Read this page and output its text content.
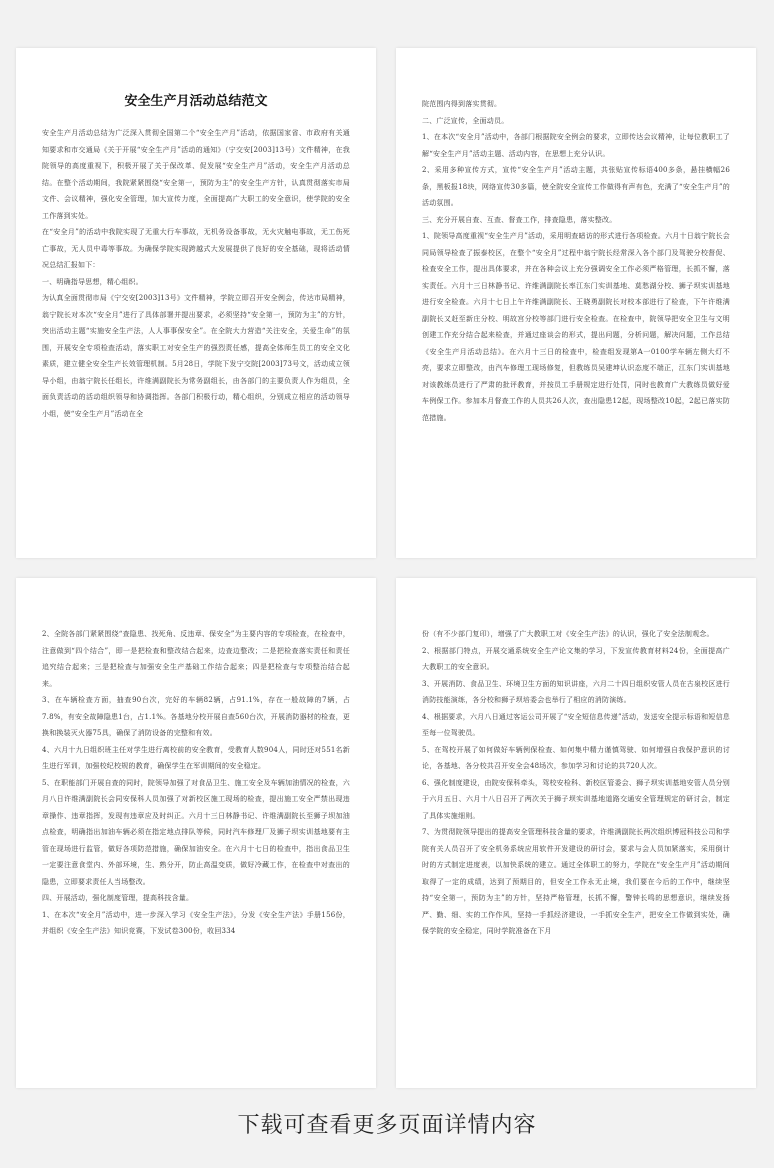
安全生产月活动总结范文

安全生产月活动总结为广泛深入贯彻全国第二个“安全生产月”活动，依据国家省、市政府有关通知要求和市交通局《关于开展“安全生产月”活动的通知》（宁交安[2003]13号）文件精神，在我院领导的高度重视下，积极开展了关于保改革、促发展“安全生产月”活动，安全生产月活动总结。在整个活动期间，我院紧紧围绕“安全第一，预防为主”的安全生产方针，认真贯彻落实市局文件、会议精神，强化安全管理，加大宣传力度，全面提高广大职工的安全意识，使学院的安全工作落到实处。

在“安全月”的活动中我院实现了无重大行车事故，无机务设备事故，无火灾触电事故，无工伤死亡事故，无人员中毒等事故。为确保学院实现跨越式大发展提供了良好的安全基础，现将活动情况总结汇报如下：

一、明确指导思想，精心组织。

为认真全面贯彻市局《宁交安[2003]13号》文件精神，学院立即召开安全例会，传达市局精神，翁宁院长对本次“安全月”进行了具体部署并提出要求，必须坚持“安全第一，预防为主”的方针，突出活动主题“实施安全生产法，人人事事保安全”。在全院大力营造“关注安全，关爱生命”的氛围，开展安全专项检查活动，落实职工对安全生产的强烈责任感，提高全体师生员工的安全文化素质，建立健全安全生产长效管理机制。5月28日，学院下发宁交院[2003]73号文，活动成立领导小组，由翁宁院长任组长，许维满副院长为常务副组长，由各部门的主要负责人作为组员，全面负责活动的活动组织领导和协调指挥。各部门积极行动，精心组织，分别成立相应的活动领导小组，使“安全生产月”活动在全

院范围内得到落实贯彻。

二、广泛宣传，全面动员。

1、在本次“安全月”活动中，各部门根据院安全例会的要求，立即传达会议精神，让每位教职工了解“安全生产月”活动主题、活动内容，在思想上充分认识。

2、采用多种宣传方式，宣传“安全生产月”活动主题，共张贴宣传标语400多条，悬挂横幅26条，黑板报18块，网络宣传30多篇，使全院安全宣传工作做得有声有色，充满了“安全生产月”的活动氛围。

三、充分开展自查、互查、督查工作，排查隐患，落实整改。

1、院领导高度重视“安全生产月”活动，采用明查暗访的形式进行各项检查。六月十日翁宁院长会同局领导检查了振泰校区，在整个“安全月”过程中翁宁院长经常深入各个部门及驾驶分校督促、检查安全工作，提出具体要求，并在各种会议上充分强调安全工作必须严格管理，长抓不懈，落实责任。六月十三日林静书记、许维满副院长率江东门实训基地、莫愁湖分校、狮子坝实训基地进行安全检查。六月十七日上午许维满副院长、王晓勇副院长对校本部进行了检查，下午许维满副院长又赶至新庄分校、明故宫分校等部门进行安全检查。在检查中，院领导把安全卫生与文明创建工作充分结合起来检查，并通过座谈会的形式，提出问题，分析问题，解决问题，工作总结《安全生产月活动总结》。在六月十三日的检查中，检查组发现第A一0100学车辆左侧大灯不亮，要求立即整改，由汽车修理工现场修复，但教练员吴建坤认识态度不端正，江东门实训基地对该教练员进行了严肃的批评教育，并按员工手册规定进行处罚，同时也教育广大教练员做好爱车例保工作。参加本月督查工作的人员共26人次，查出隐患12起，现场整改10起，2起已落实防范措施。

2、全院各部门紧紧围绕“查隐患、找死角、反违章、保安全”为主要内容的专项检查，在检查中，注意做到“四个结合”，即一是把检查和整改结合起来，边查边整改；二是把检查落实责任和责任追究结合起来；三是把检查与加强安全生产基础工作结合起来；四是把检查与专项整治结合起来。

3、在车辆检查方面，抽查90台次，完好的车辆82辆，占91.1%，存在一般故障的7辆，占7.8%，有安全故障隐患1台，占1.1%。各基地分校开展自查560台次，开展消防器材的检查，更换和换装灭火器75具，确保了消防设备的完整和有效。

4、六月十九日组织班主任对学生进行离校前的安全教育，受教育人数904人，同时还对551名新生进行军训，加强校纪校规的教育，确保学生在军训期间的安全稳定。

5、在职能部门开展自查的同时，院领导加强了对食品卫生、施工安全及车辆加油情况的检查，六月八日许维满副院长会同安保科人员加强了对新校区施工现场的检查，提出施工安全严禁出现违章操作、违章指挥，发现有违章应及时纠正。六月十三日林静书记、许维满副院长至狮子坝加油点检查，明确指出加油车辆必须在指定地点排队等候，同时汽车修理厂及狮子坝实训基地要有主管在现场进行监管，做好各项防范措施，确保加油安全。在六月十七日的检查中，指出食品卫生一定要注意食堂内、外部环境，生、熟分开，防止高温变质，做好冷藏工作，在检查中对查出的隐患，立即要求责任人当场整改。

四、开展活动，强化制度管理，提高科技含量。

1、在本次“安全月”活动中，进一步深入学习《安全生产法》，分发《安全生产法》手册156份，并组织《安全生产法》知识竞赛，下发试卷300份，收回334

份（有不少部门复印），增强了广大教职工对《安全生产法》的认识，强化了安全法制观念。

2、根据部门特点，开展交通系统安全生产论文集的学习，下发宣传教育材料24份，全面提高广大教职工的安全意识。

3、开展消防、食品卫生、环境卫生方面的知识讲座，六月二十四日组织安管人员在古泉校区进行消防技能演练，各分校和狮子坝培委会也举行了相应的消防演练。

4、根据要求，六月八日通过客运公司开展了“安全短信息传递”活动，发送安全提示标语和短信息至每一位驾驶员。

5、在驾校开展了如何做好车辆例保检查、如何集中精力谨慎驾驶、如何增强自我保护意识的讨论，各基地、各分校共召开安全会48场次，参加学习和讨论的共720人次。

6、强化制度建设，由院安保科牵头，驾校安检科、新校区管委会、狮子坝实训基地安管人员分别于六月五日、六月十八日召开了两次关于狮子坝实训基地道路交通安全管理规定的研讨会，制定了具体实施细则。

7、为贯彻院领导提出的提高安全管理科技含量的要求，许维满副院长两次组织博冠科技公司和学院有关人员召开了安全机务系统应用软件开发建设的研讨会，要求与会人员加紧落实，采用倒计时的方式制定进度表，以加快系统的建立。通过全体职工的努力，学院在“安全生产月”活动期间取得了一定的成绩，达到了预期目的，但安全工作永无止境，我们要在今后的工作中，继续坚持“安全第一，预防为主”的方针，坚持严格管理，长抓不懈，警钟长鸣的思想意识，继续发扬严、勤、细、实的工作作风，坚持一手抓经济建设，一手抓安全生产，把安全工作做到实处，确保学院的安全稳定，同时学院准备在下月

下载可查看更多页面详情内容
